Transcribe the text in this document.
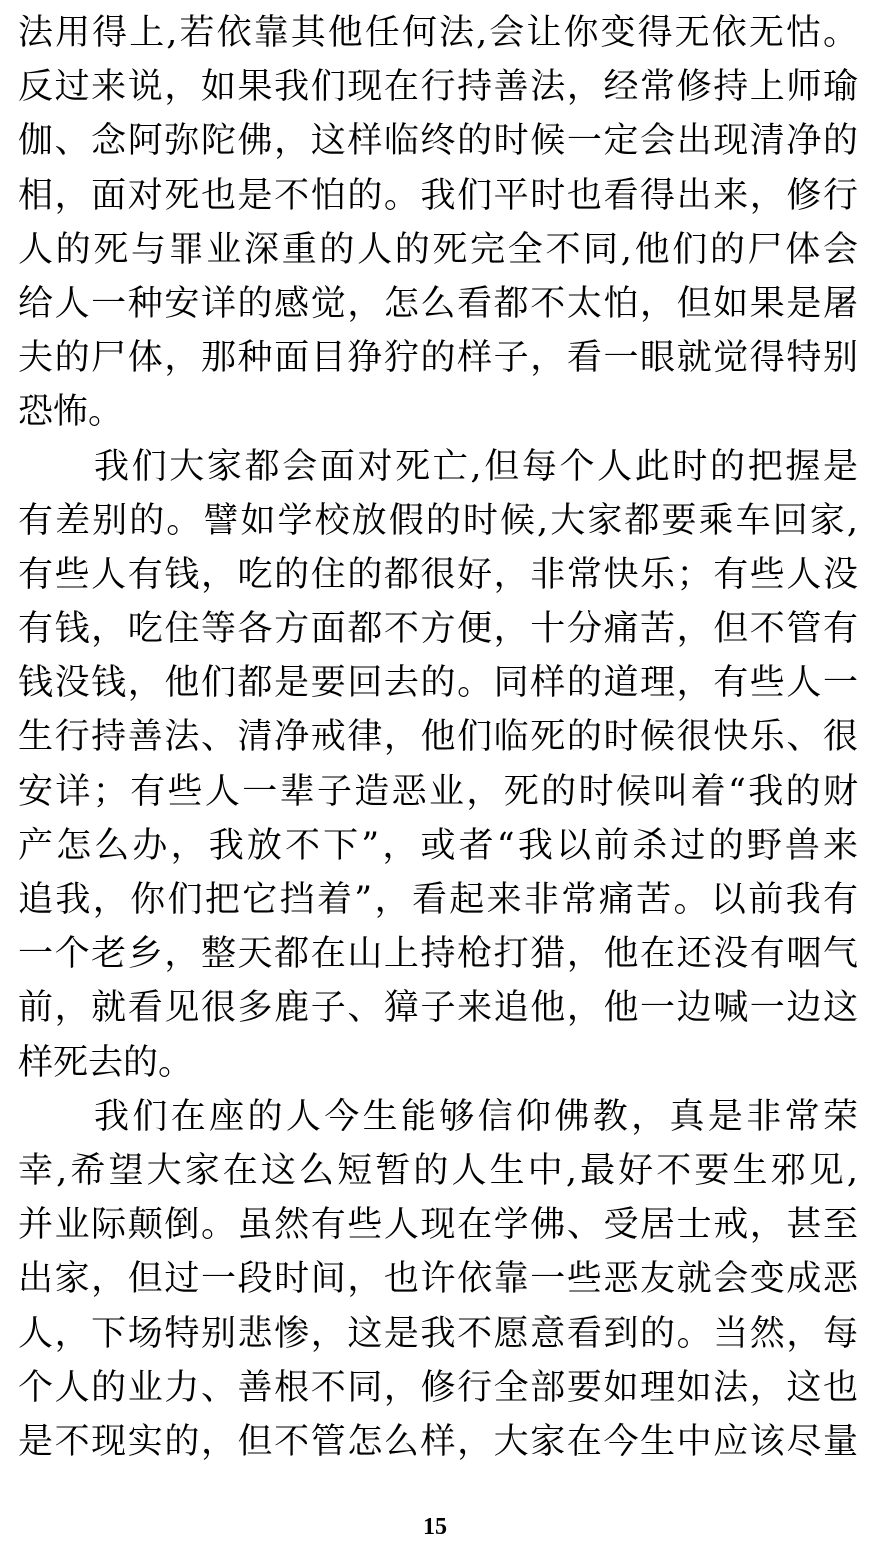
法用得上,若依靠其他任何法,会让你变得无依无怙。
反过来说，如果我们现在行持善法，经常修持上师瑜
伽、念阿弥陀佛，这样临终的时候一定会出现清净的
相，面对死也是不怕的。我们平时也看得出来，修行
人的死与罪业深重的人的死完全不同,他们的尸体会
给人一种安详的感觉，怎么看都不太怕，但如果是屠
夫的尸体，那种面目狰狞的样子，看一眼就觉得特别
恐怖。
我们大家都会面对死亡,但每个人此时的把握是
有差别的。譬如学校放假的时候,大家都要乘车回家,
有些人有钱，吃的住的都很好，非常快乐；有些人没
有钱，吃住等各方面都不方便，十分痛苦，但不管有
钱没钱，他们都是要回去的。同样的道理，有些人一
生行持善法、清净戒律，他们临死的时候很快乐、很
安详；有些人一辈子造恶业，死的时候叫着“我的财
产怎么办，我放不下”，或者“我以前杀过的野兽来
追我，你们把它挡着”，看起来非常痛苦。以前我有
一个老乡，整天都在山上持枪打猎，他在还没有咽气
前，就看见很多鹿子、獐子来追他，他一边喊一边这
样死去的。
我们在座的人今生能够信仰佛教，真是非常荣
幸,希望大家在这么短暂的人生中,最好不要生邪见,
并业际颠倒。虽然有些人现在学佛、受居士戒，甚至
出家，但过一段时间，也许依靠一些恶友就会变成恶
人，下场特别悲惨，这是我不愿意看到的。当然，每
个人的业力、善根不同，修行全部要如理如法，这也
是不现实的，但不管怎么样，大家在今生中应该尽量
15
